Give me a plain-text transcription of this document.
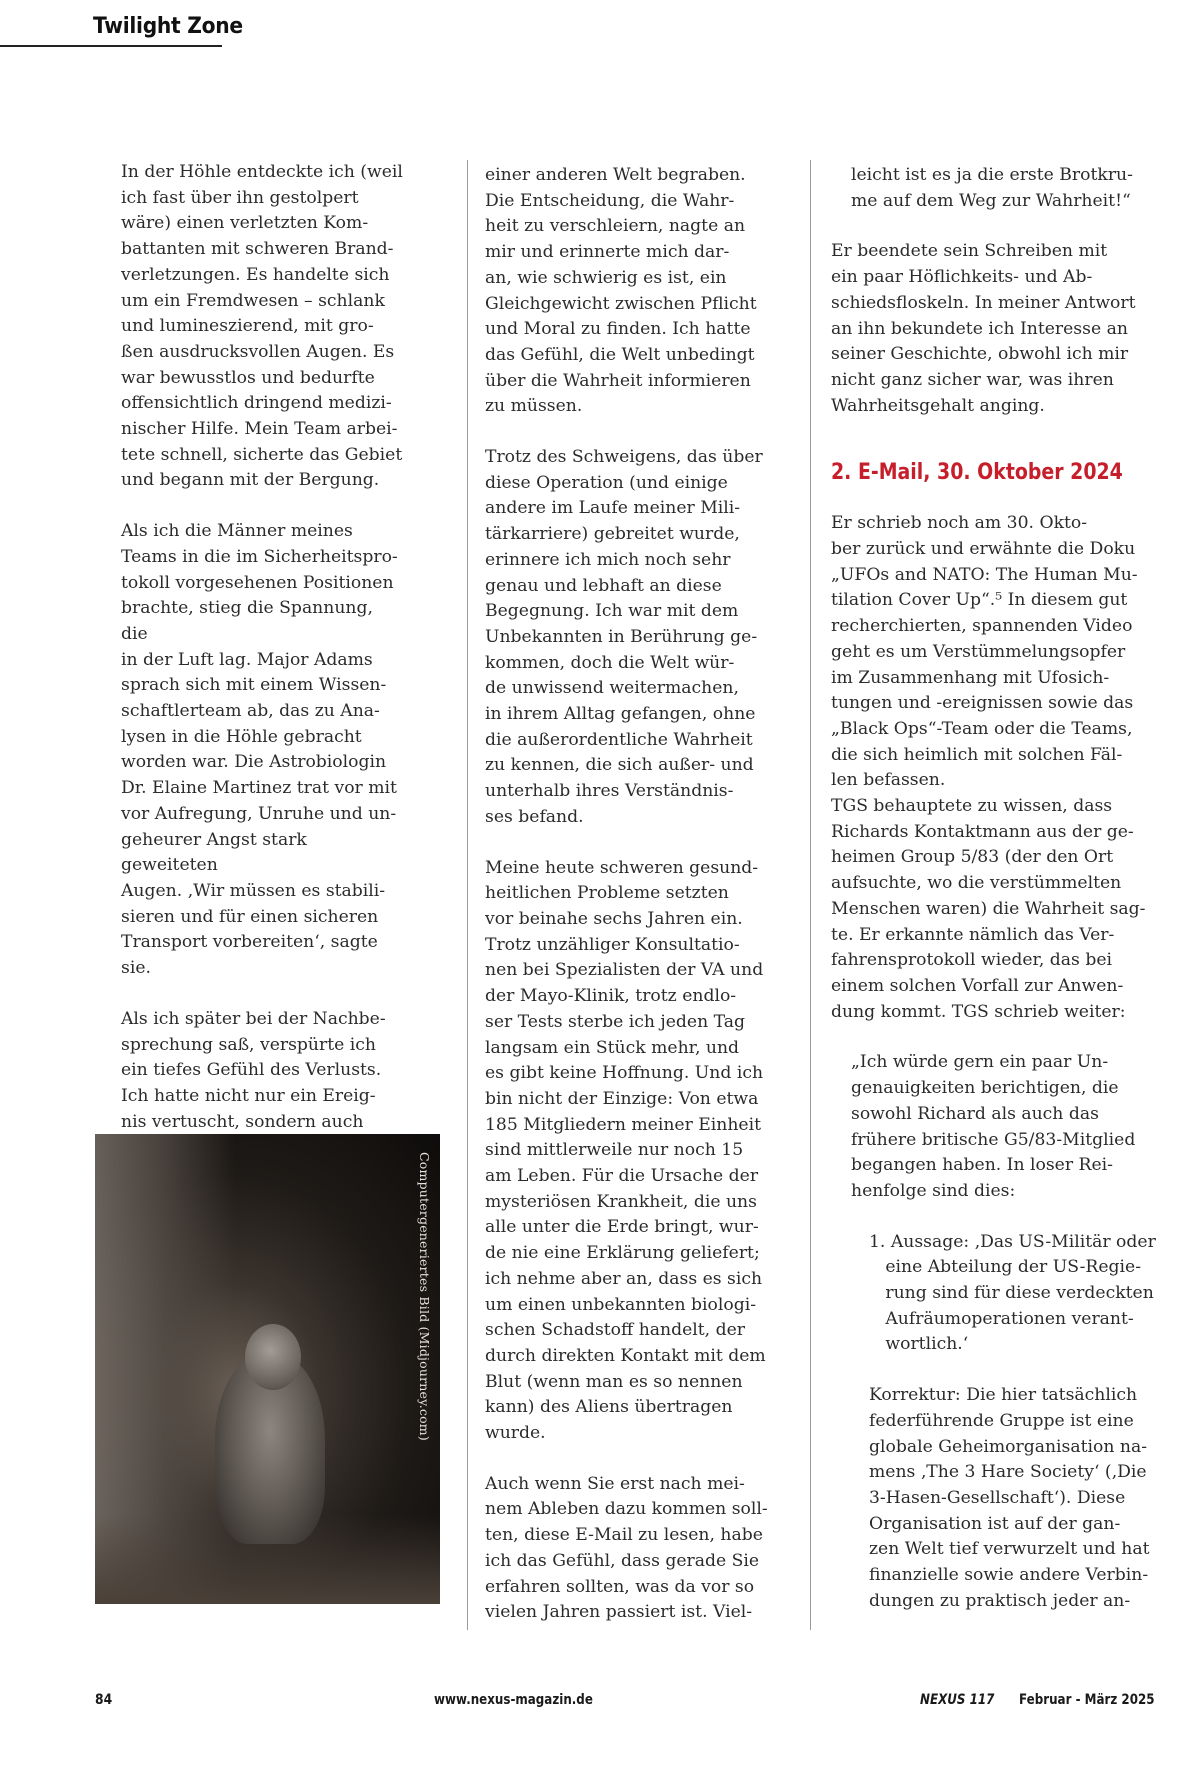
Twilight Zone

In der Höhle entdeckte ich (weil
ich fast über ihn gestolpert
wäre) einen verletzten Kom-
battanten mit schweren Brand-
verletzungen. Es handelte sich
um ein Fremdwesen – schlank
und lumineszierend, mit gro-
ßen ausdrucksvollen Augen. Es
war bewusstlos und bedurfte
offensichtlich dringend medizi-
nischer Hilfe. Mein Team arbei-
tete schnell, sicherte das Gebiet
und begann mit der Bergung.

Als ich die Männer meines
Teams in die im Sicherheitspro-
tokoll vorgesehenen Positionen
brachte, stieg die Spannung, die
in der Luft lag. Major Adams
sprach sich mit einem Wissen-
schaftlerteam ab, das zu Ana-
lysen in die Höhle gebracht
worden war. Die Astrobiologin
Dr. Elaine Martinez trat vor mit
vor Aufregung, Unruhe und un-
geheurer Angst stark geweiteten
Augen. ‚Wir müssen es stabili-
sieren und für einen sicheren
Transport vorbereiten‘, sagte
sie.

Als ich später bei der Nachbe-
sprechung saß, verspürte ich
ein tiefes Gefühl des Verlusts.
Ich hatte nicht nur ein Ereig-
nis vertuscht, sondern auch

Computergeneriertes Bild (Midjourney.com)

einer anderen Welt begraben.
Die Entscheidung, die Wahr-
heit zu verschleiern, nagte an
mir und erinnerte mich dar-
an, wie schwierig es ist, ein
Gleichgewicht zwischen Pflicht
und Moral zu finden. Ich hatte
das Gefühl, die Welt unbedingt
über die Wahrheit informieren
zu müssen.

Trotz des Schweigens, das über
diese Operation (und einige
andere im Laufe meiner Mili-
tärkarriere) gebreitet wurde,
erinnere ich mich noch sehr
genau und lebhaft an diese
Begegnung. Ich war mit dem
Unbekannten in Berührung ge-
kommen, doch die Welt wür-
de unwissend weitermachen,
in ihrem Alltag gefangen, ohne
die außerordentliche Wahrheit
zu kennen, die sich außer- und
unterhalb ihres Verständnis-
ses befand.

Meine heute schweren gesund-
heitlichen Probleme setzten
vor beinahe sechs Jahren ein.
Trotz unzähliger Konsultatio-
nen bei Spezialisten der VA und
der Mayo-Klinik, trotz endlo-
ser Tests sterbe ich jeden Tag
langsam ein Stück mehr, und
es gibt keine Hoffnung. Und ich
bin nicht der Einzige: Von etwa
185 Mitgliedern meiner Einheit
sind mittlerweile nur noch 15
am Leben. Für die Ursache der
mysteriösen Krankheit, die uns
alle unter die Erde bringt, wur-
de nie eine Erklärung geliefert;
ich nehme aber an, dass es sich
um einen unbekannten biologi-
schen Schadstoff handelt, der
durch direkten Kontakt mit dem
Blut (wenn man es so nennen
kann) des Aliens übertragen
wurde.

Auch wenn Sie erst nach mei-
nem Ableben dazu kommen soll-
ten, diese E-Mail zu lesen, habe
ich das Gefühl, dass gerade Sie
erfahren sollten, was da vor so
vielen Jahren passiert ist. Viel-

leicht ist es ja die erste Brotkru-
me auf dem Weg zur Wahrheit!“

Er beendete sein Schreiben mit
ein paar Höflichkeits- und Ab-
schiedsfloskeln. In meiner Antwort
an ihn bekundete ich Interesse an
seiner Geschichte, obwohl ich mir
nicht ganz sicher war, was ihren
Wahrheitsgehalt anging.

2. E-Mail, 30. Oktober 2024

Er schrieb noch am 30. Okto-
ber zurück und erwähnte die Doku
„UFOs and NATO: The Human Mu-
tilation Cover Up“.⁵ In diesem gut
recherchierten, spannenden Video
geht es um Verstümmelungsopfer
im Zusammenhang mit Ufosich-
tungen und -ereignissen sowie das
„Black Ops“-Team oder die Teams,
die sich heimlich mit solchen Fäl-
len befassen.

TGS behauptete zu wissen, dass
Richards Kontaktmann aus der ge-
heimen Group 5/83 (der den Ort
aufsuchte, wo die verstümmelten
Menschen waren) die Wahrheit sag-
te. Er erkannte nämlich das Ver-
fahrensprotokoll wieder, das bei
einem solchen Vorfall zur Anwen-
dung kommt. TGS schrieb weiter:

„Ich würde gern ein paar Un-
genauigkeiten berichtigen, die
sowohl Richard als auch das
frühere britische G5/83-Mitglied
begangen haben. In loser Rei-
henfolge sind dies:

1. Aussage: ‚Das US-Militär oder
eine Abteilung der US-Regie-
rung sind für diese verdeckten
Aufräumoperationen verant-
wortlich.‘

Korrektur: Die hier tatsächlich
federführende Gruppe ist eine
globale Geheimorganisation na-
mens ‚The 3 Hare Society‘ (‚Die
3-Hasen-Gesellschaft‘). Diese
Organisation ist auf der gan-
zen Welt tief verwurzelt und hat
finanzielle sowie andere Verbin-
dungen zu praktisch jeder an-

84	www.nexus-magazin.de	NEXUS 117 Februar - März 2025
